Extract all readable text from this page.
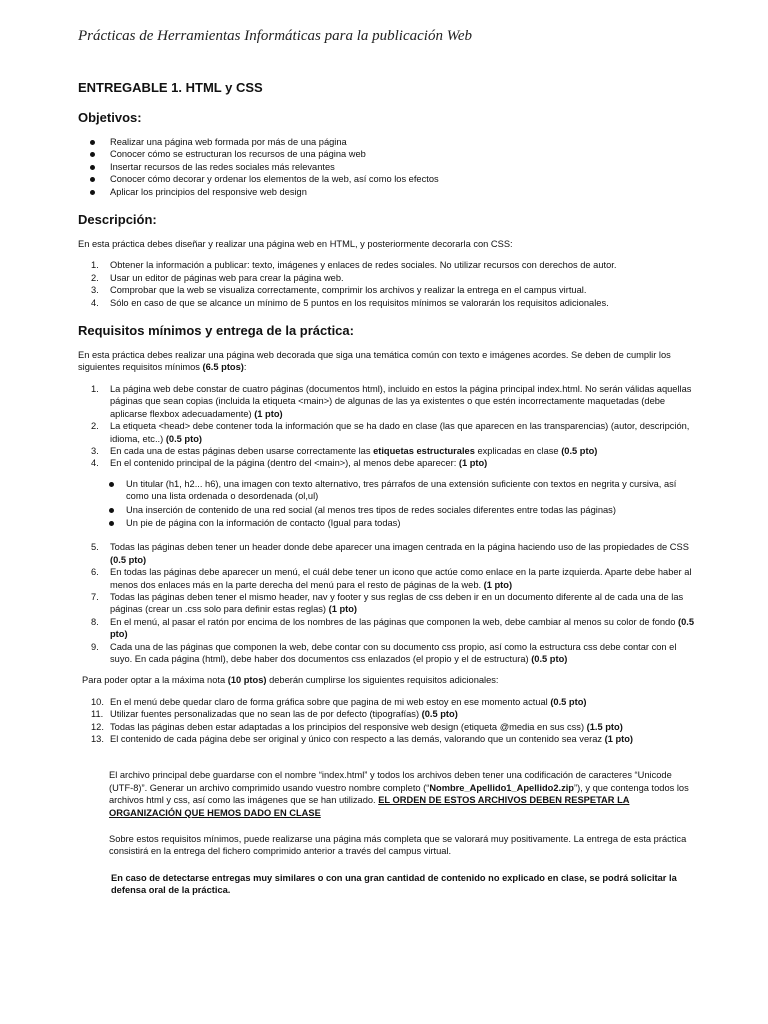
Prácticas de Herramientas Informáticas para la publicación Web
ENTREGABLE 1. HTML y CSS
Objetivos:
Realizar una página web formada por más de una página
Conocer cómo se estructuran los recursos de una página web
Insertar recursos de las redes sociales más relevantes
Conocer cómo decorar y ordenar los elementos de la web, así como los efectos
Aplicar los principios del responsive web design
Descripción:

En esta práctica debes diseñar y realizar una página web en HTML, y posteriormente decorarla con CSS:

1. Obtener la información a publicar: texto, imágenes y enlaces de redes sociales. No utilizar recursos con derechos de autor.
2. Usar un editor de páginas web para crear la página web.
3. Comprobar que la web se visualiza correctamente, comprimir los archivos y realizar la entrega en el campus virtual.
4. Sólo en caso de que se alcance un mínimo de 5 puntos en los requisitos mínimos se valorarán los requisitos adicionales.
Requisitos mínimos y entrega de la práctica:

En esta práctica debes realizar una página web decorada que siga una temática común con texto e imágenes acordes. Se deben de cumplir los siguientes requisitos mínimos (6.5 ptos):

1. La página web debe constar de cuatro páginas (documentos html), incluido en estos la página principal index.html. No serán válidas aquellas páginas que sean copias (incluida la etiqueta <main>) de algunas de las ya existentes o que estén incorrectamente maquetadas (debe aplicarse flexbox adecuadamente) (1 pto)
2. La etiqueta <head> debe contener toda la información que se ha dado en clase (las que aparecen en las transparencias) (autor, descripción, idioma, etc..) (0.5 pto)
3. En cada una de estas páginas deben usarse correctamente las etiquetas estructurales explicadas en clase (0.5 pto)
4. En el contenido principal de la página (dentro del <main>), al menos debe aparecer: (1 pto)
Un titular (h1, h2... h6), una imagen con texto alternativo, tres párrafos de una extensión suficiente con textos en negrita y cursiva, así como una lista ordenada o desordenada (ol,ul)
Una inserción de contenido de una red social (al menos tres tipos de redes sociales diferentes entre todas las páginas)
Un pie de página con la información de contacto (Igual para todas)
5. Todas las páginas deben tener un header donde debe aparecer una imagen centrada en la página haciendo uso de las propiedades de CSS (0.5 pto)
6. En todas las páginas debe aparecer un menú, el cuál debe tener un icono que actúe como enlace en la parte izquierda. Aparte debe haber al menos dos enlaces más en la parte derecha del menú para el resto de páginas de la web. (1 pto)
7. Todas las páginas deben tener el mismo header, nav y footer y sus reglas de css deben ir en un documento diferente al de cada una de las páginas (crear un .css solo para definir estas reglas) (1 pto)
8. En el menú, al pasar el ratón por encima de los nombres de las páginas que componen la web, debe cambiar al menos su color de fondo (0.5 pto)
9. Cada una de las páginas que componen la web, debe contar con su documento css propio, así como la estructura css debe contar con el suyo. En cada página (html), debe haber dos documentos css enlazados (el propio y el de estructura) (0.5 pto)

Para poder optar a la máxima nota (10 ptos) deberán cumplirse los siguientes requisitos adicionales:

10. En el menú debe quedar claro de forma gráfica sobre que pagina de mi web estoy en ese momento actual (0.5 pto)
11. Utilizar fuentes personalizadas que no sean las de por defecto (tipografías) (0.5 pto)
12. Todas las páginas deben estar adaptadas a los principios del responsive web design (etiqueta @media en sus css) (1.5 pto)
13. El contenido de cada página debe ser original y único con respecto a las demás, valorando que un contenido sea veraz (1 pto)

El archivo principal debe guardarse con el nombre “index.html” y todos los archivos deben tener una codificación de caracteres “Unicode (UTF-8)”. Generar un archivo comprimido usando vuestro nombre completo (“Nombre_Apellido1_Apellido2.zip”), y que contenga todos los archivos html y css, así como las imágenes que se han utilizado. EL ORDEN DE ESTOS ARCHIVOS DEBEN RESPETAR LA ORGANIZACIÓN QUE HEMOS DADO EN CLASE

Sobre estos requisitos mínimos, puede realizarse una página más completa que se valorará muy positivamente. La entrega de esta práctica consistirá en la entrega del fichero comprimido anterior a través del campus virtual.

En caso de detectarse entregas muy similares o con una gran cantidad de contenido no explicado en clase, se podrá solicitar la defensa oral de la práctica.
